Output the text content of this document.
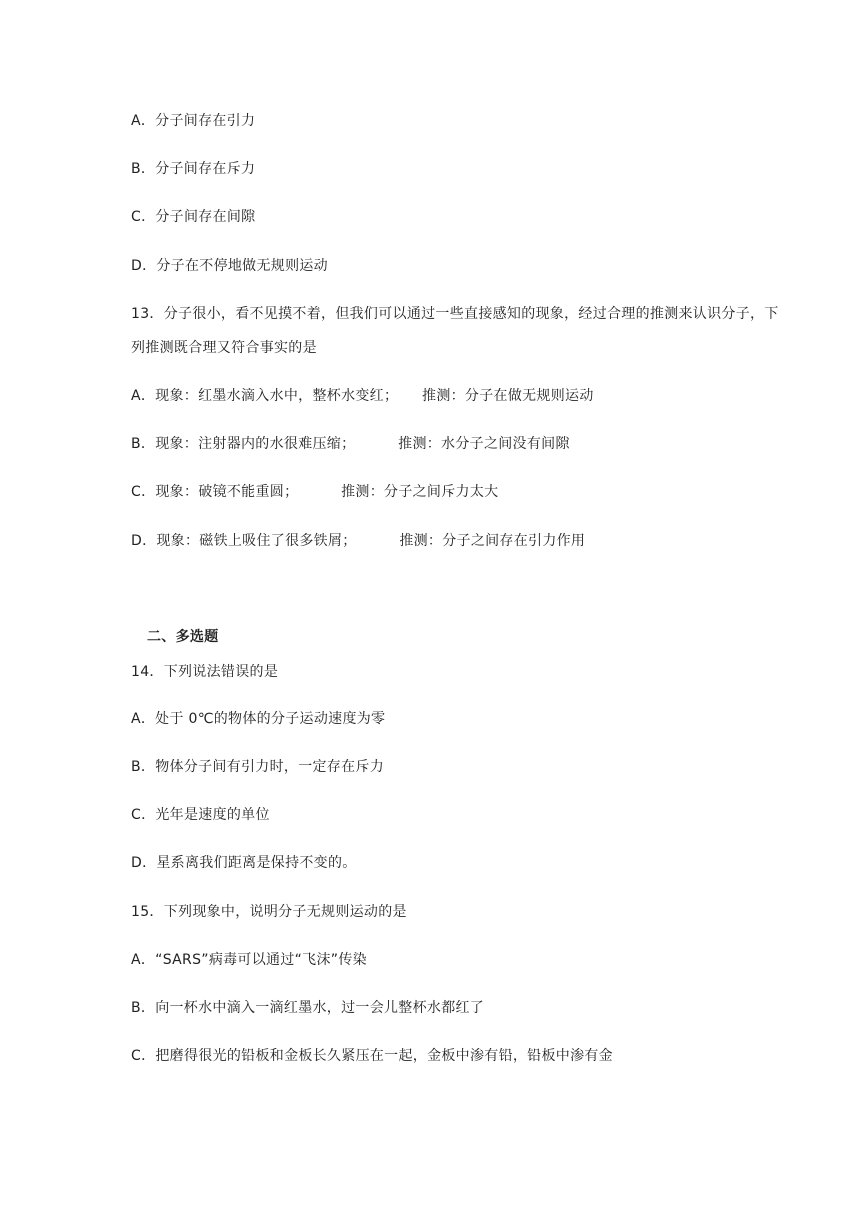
A．分子间存在引力
B．分子间存在斥力
C．分子间存在间隙
D．分子在不停地做无规则运动
13．分子很小，看不见摸不着，但我们可以通过一些直接感知的现象，经过合理的推测来认识分子，下
列推测既合理又符合事实的是
A．现象：红墨水滴入水中，整杯水变红；     推测：分子在做无规则运动
B．现象：注射器内的水很难压缩；         推测：水分子之间没有间隙
C．现象：破镜不能重圆；         推测：分子之间斥力太大
D．现象：磁铁上吸住了很多铁屑；         推测：分子之间存在引力作用
二、多选题
14．下列说法错误的是
A．处于 0℃的物体的分子运动速度为零
B．物体分子间有引力时，一定存在斥力
C．光年是速度的单位
D．星系离我们距离是保持不变的。
15．下列现象中，说明分子无规则运动的是
A．“SARS”病毒可以通过“飞沫”传染
B．向一杯水中滴入一滴红墨水，过一会儿整杯水都红了
C．把磨得很光的铅板和金板长久紧压在一起，金板中渗有铅，铅板中渗有金
